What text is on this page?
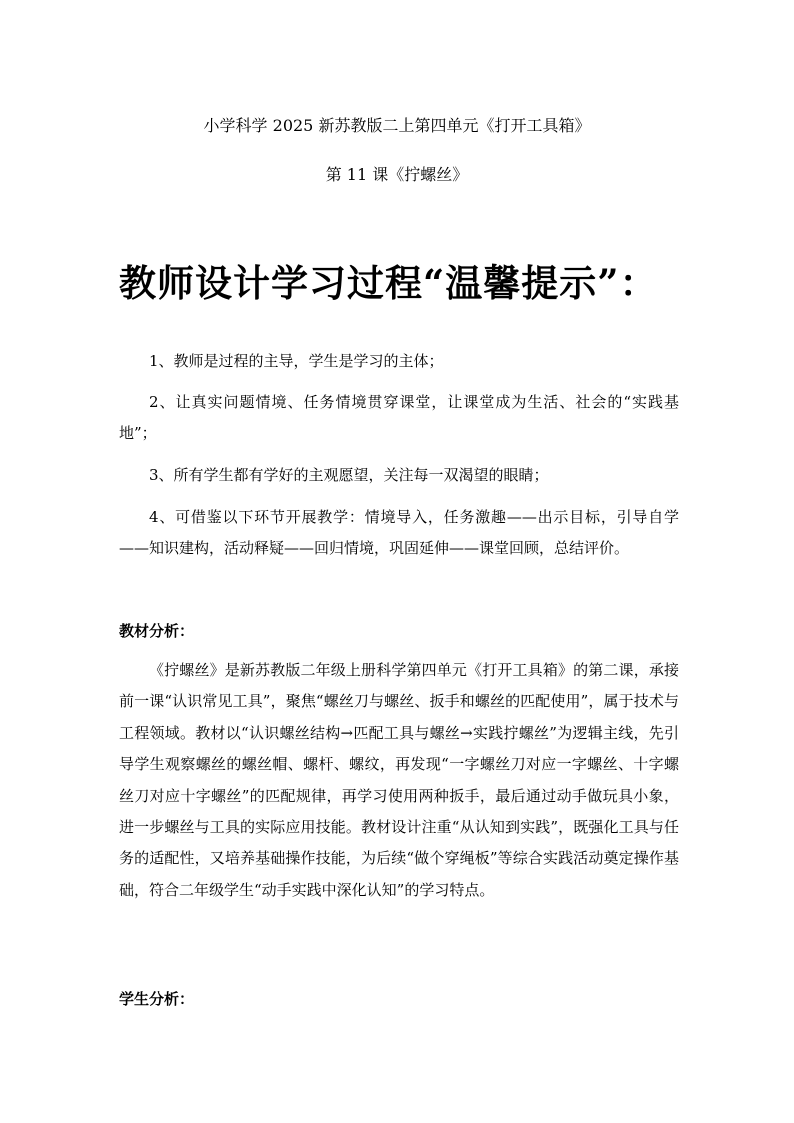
小学科学 2025 新苏教版二上第四单元《打开工具箱》
第 11 课《拧螺丝》
教师设计学习过程“温馨提示”：

1、教师是过程的主导，学生是学习的主体；

2、让真实问题情境、任务情境贯穿课堂，让课堂成为生活、社会的“实践基地”；

3、所有学生都有学好的主观愿望，关注每一双渴望的眼睛；

4、可借鉴以下环节开展教学：情境导入，任务激趣——出示目标，引导自学——知识建构，活动释疑——回归情境，巩固延伸——课堂回顾，总结评价。

教材分析：

《拧螺丝》是新苏教版二年级上册科学第四单元《打开工具箱》的第二课，承接前一课“认识常见工具”，聚焦“螺丝刀与螺丝、扳手和螺丝的匹配使用”，属于技术与工程领域。教材以“认识螺丝结构→匹配工具与螺丝→实践拧螺丝”为逻辑主线，先引导学生观察螺丝的螺丝帽、螺杆、螺纹，再发现“一字螺丝刀对应一字螺丝、十字螺丝刀对应十字螺丝”的匹配规律，再学习使用两种扳手，最后通过动手做玩具小象，进一步螺丝与工具的实际应用技能。教材设计注重“从认知到实践”，既强化工具与任务的适配性，又培养基础操作技能，为后续“做个穿绳板”等综合实践活动奠定操作基础，符合二年级学生“动手实践中深化认知”的学习特点。

学生分析：
